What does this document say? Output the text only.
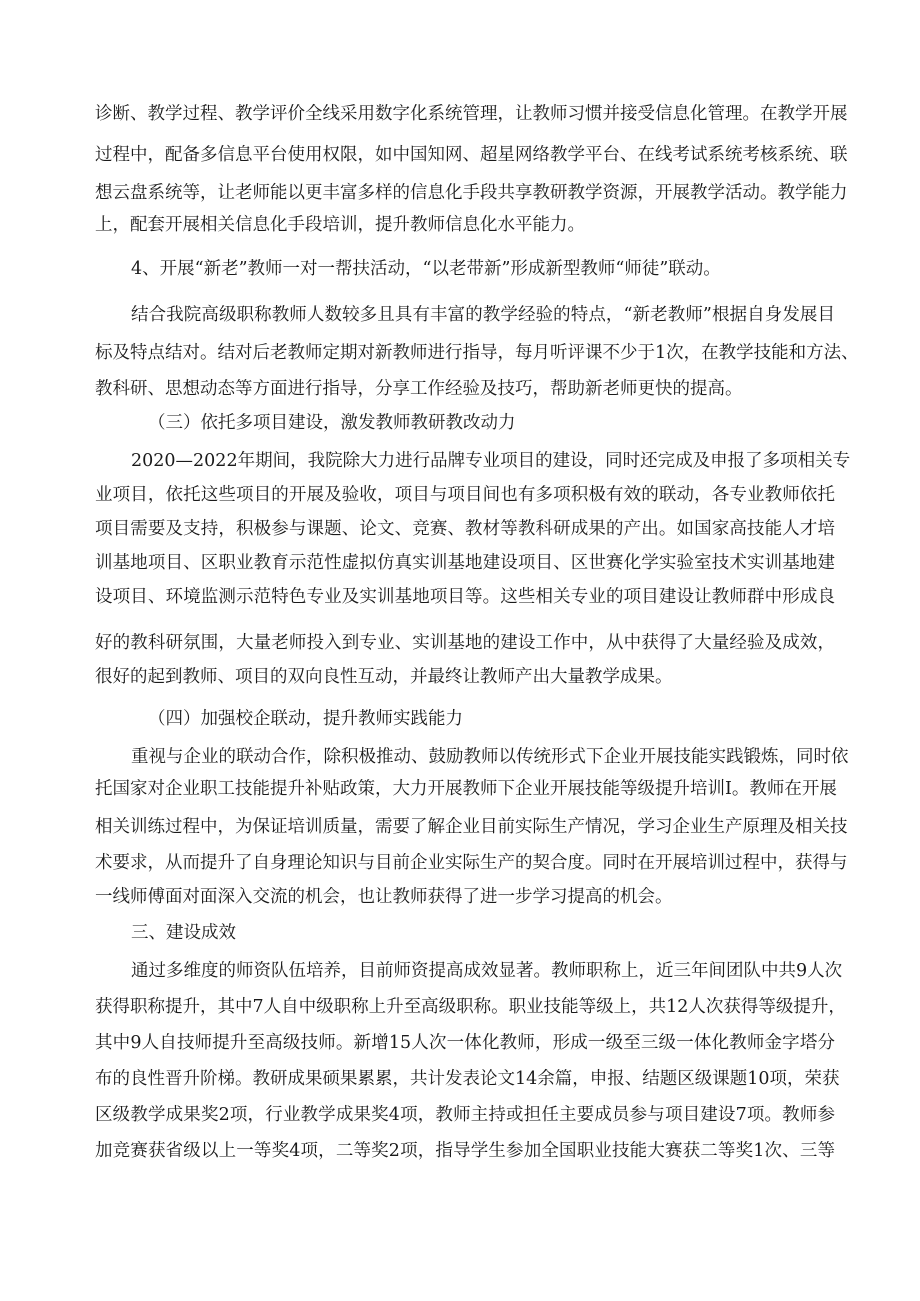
诊断、教学过程、教学评价全线采用数字化系统管理，让教师习惯并接受信息化管理。在教学开展
过程中，配备多信息平台使用权限，如中国知网、超星网络教学平台、在线考试系统考核系统、联
想云盘系统等，让老师能以更丰富多样的信息化手段共享教研教学资源，开展教学活动。教学能力
上，配套开展相关信息化手段培训，提升教师信息化水平能力。
4、开展“新老”教师一对一帮扶活动，“以老带新”形成新型教师“师徒”联动。
结合我院高级职称教师人数较多且具有丰富的教学经验的特点，“新老教师”根据自身发展目
标及特点结对。结对后老教师定期对新教师进行指导，每月听评课不少于1次，在教学技能和方法、
教科研、思想动态等方面进行指导，分享工作经验及技巧，帮助新老师更快的提高。
（三）依托多项目建设，激发教师教研教改动力
2020—2022年期间，我院除大力进行品牌专业项目的建设，同时还完成及申报了多项相关专
业项目，依托这些项目的开展及验收，项目与项目间也有多项积极有效的联动，各专业教师依托
项目需要及支持，积极参与课题、论文、竞赛、教材等教科研成果的产出。如国家高技能人才培
训基地项目、区职业教育示范性虚拟仿真实训基地建设项目、区世赛化学实验室技术实训基地建
设项目、环境监测示范特色专业及实训基地项目等。这些相关专业的项目建设让教师群中形成良
好的教科研氛围，大量老师投入到专业、实训基地的建设工作中，从中获得了大量经验及成效，
很好的起到教师、项目的双向良性互动，并最终让教师产出大量教学成果。
（四）加强校企联动，提升教师实践能力
重视与企业的联动合作，除积极推动、鼓励教师以传统形式下企业开展技能实践锻炼，同时依
托国家对企业职工技能提升补贴政策，大力开展教师下企业开展技能等级提升培训I。教师在开展
相关训练过程中，为保证培训质量，需要了解企业目前实际生产情况，学习企业生产原理及相关技
术要求，从而提升了自身理论知识与目前企业实际生产的契合度。同时在开展培训过程中，获得与
一线师傅面对面深入交流的机会，也让教师获得了进一步学习提高的机会。
三、建设成效
通过多维度的师资队伍培养，目前师资提高成效显著。教师职称上，近三年间团队中共9人次
获得职称提升，其中7人自中级职称上升至高级职称。职业技能等级上，共12人次获得等级提升，
其中9人自技师提升至高级技师。新增15人次一体化教师，形成一级至三级一体化教师金字塔分
布的良性晋升阶梯。教研成果硕果累累，共计发表论文14余篇，申报、结题区级课题10项，荣获
区级教学成果奖2项，行业教学成果奖4项，教师主持或担任主要成员参与项目建设7项。教师参
加竞赛获省级以上一等奖4项，二等奖2项，指导学生参加全国职业技能大赛获二等奖1次、三等
